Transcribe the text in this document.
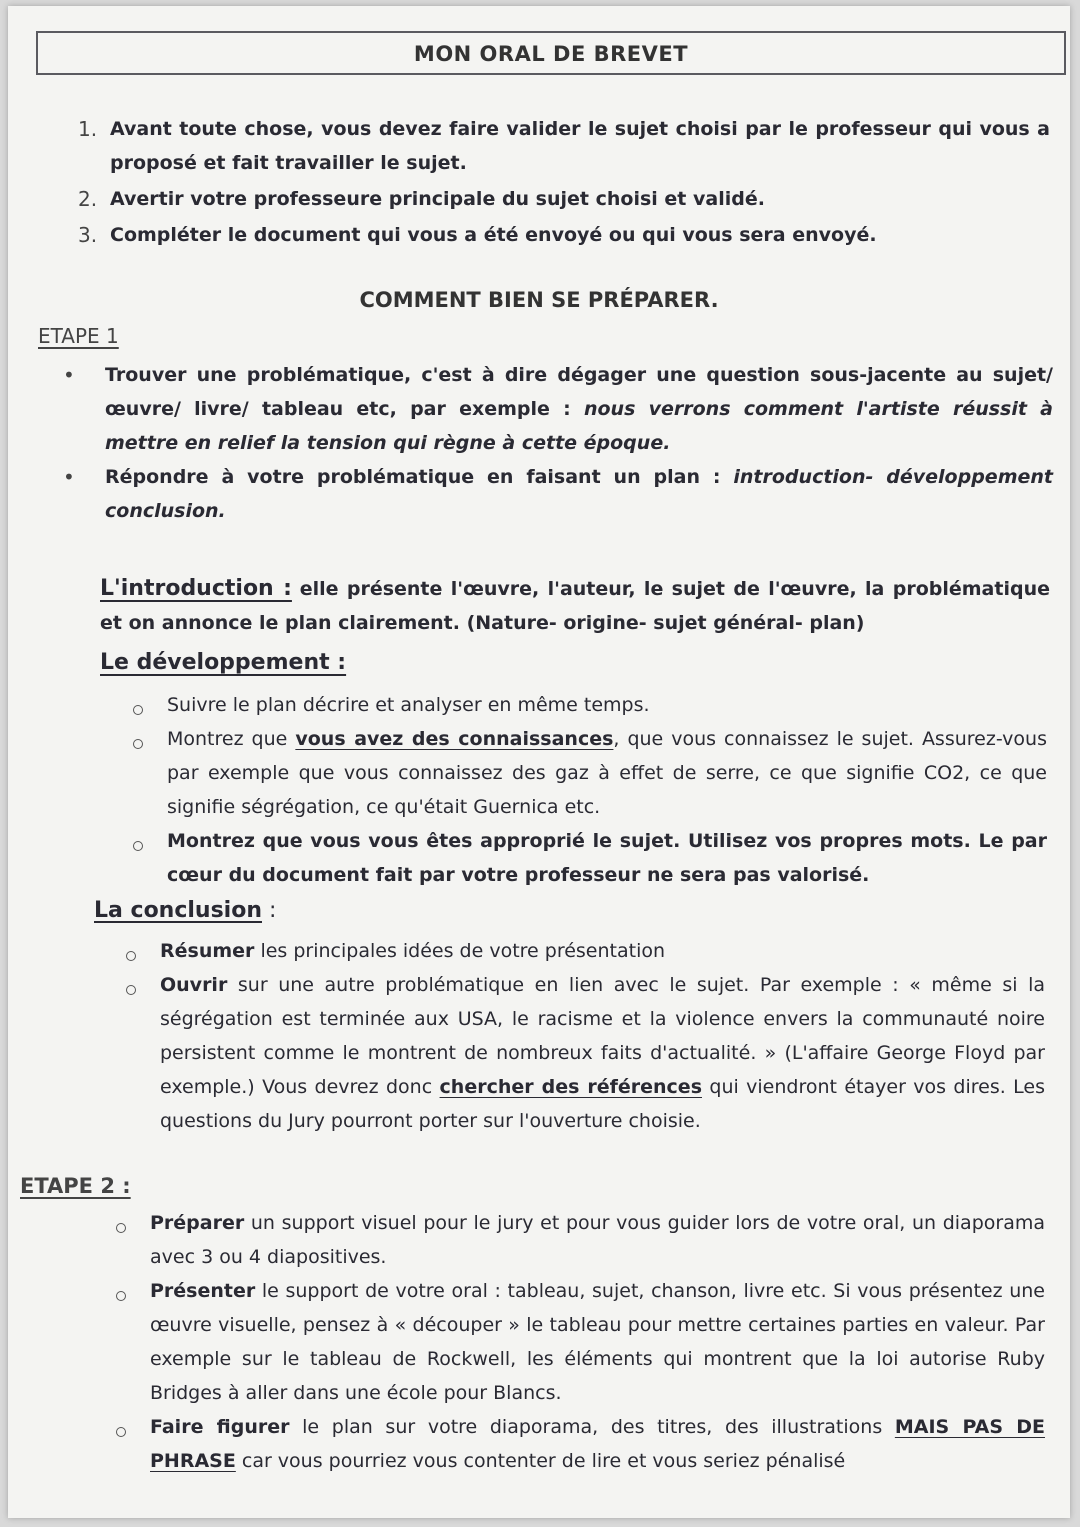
MON ORAL DE BREVET
1. Avant toute chose, vous devez faire valider le sujet choisi par le professeur qui vous a proposé et fait travailler le sujet.
2. Avertir votre professeure principale du sujet choisi et validé.
3. Compléter le document qui vous a été envoyé ou qui vous sera envoyé.
COMMENT BIEN SE PRÉPARER.
ETAPE 1
•	Trouver une problématique, c'est à dire dégager une question sous-jacente au sujet/ œuvre/ livre/ tableau etc, par exemple : nous verrons comment l'artiste réussit à mettre en relief la tension qui règne à cette époque.
•	Répondre à votre problématique en faisant un plan : introduction- développement conclusion.
L'introduction : elle présente l'œuvre, l'auteur, le sujet de l'œuvre, la problématique et on annonce le plan clairement. (Nature- origine- sujet général- plan)
Le développement :
Suivre le plan décrire et analyser en même temps.
Montrez que vous avez des connaissances, que vous connaissez le sujet. Assurez-vous par exemple que vous connaissez des gaz à effet de serre, ce que signifie CO2, ce que signifie ségrégation, ce qu'était Guernica etc.
Montrez que vous vous êtes approprié le sujet. Utilisez vos propres mots. Le par cœur du document fait par votre professeur ne sera pas valorisé.
La conclusion :
Résumer les principales idées de votre présentation
Ouvrir sur une autre problématique en lien avec le sujet. Par exemple : « même si la ségrégation est terminée aux USA, le racisme et la violence envers la communauté noire persistent comme le montrent de nombreux faits d'actualité. » (L'affaire George Floyd par exemple.) Vous devrez donc chercher des références qui viendront étayer vos dires. Les questions du Jury pourront porter sur l'ouverture choisie.
ETAPE 2 :
Préparer un support visuel pour le jury et pour vous guider lors de votre oral, un diaporama avec 3 ou 4 diapositives.
Présenter le support de votre oral : tableau, sujet, chanson, livre etc. Si vous présentez une œuvre visuelle, pensez à « découper » le tableau pour mettre certaines parties en valeur. Par exemple sur le tableau de Rockwell, les éléments qui montrent que la loi autorise Ruby Bridges à aller dans une école pour Blancs.
Faire figurer le plan sur votre diaporama, des titres, des illustrations MAIS PAS DE PHRASE car vous pourriez vous contenter de lire et vous seriez pénalisé
